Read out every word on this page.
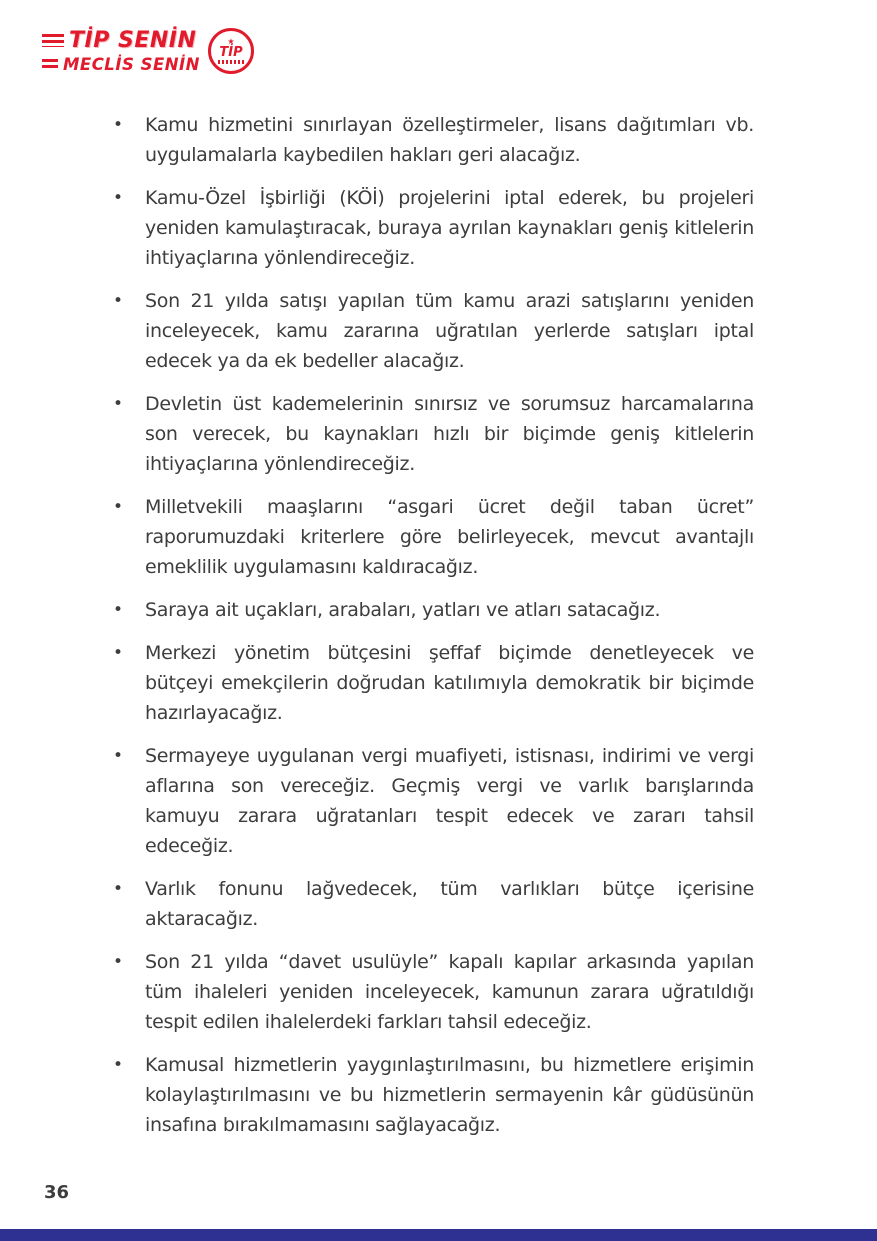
TİP SENİN
MECLİS SENİN
★
TİP
•	Kamu hizmetini sınırlayan özelleştirmeler, lisans dağıtımları vb. uygulamalarla kaybedilen hakları geri alacağız.
•	Kamu-Özel İşbirliği (KÖİ) projelerini iptal ederek, bu projeleri yeniden kamulaştıracak, buraya ayrılan kaynakları geniş kitlelerin ihtiyaçlarına yönlendireceğiz.
•	Son 21 yılda satışı yapılan tüm kamu arazi satışlarını yeniden inceleyecek, kamu zararına uğratılan yerlerde satışları iptal edecek ya da ek bedeller alacağız.
•	Devletin üst kademelerinin sınırsız ve sorumsuz harcamalarına son verecek, bu kaynakları hızlı bir biçimde geniş kitlelerin ihtiyaçlarına yönlendireceğiz.
•	Milletvekili maaşlarını “asgari ücret değil taban ücret” raporumuzdaki kriterlere göre belirleyecek, mevcut avantajlı emeklilik uygulamasını kaldıracağız.
•	Saraya ait uçakları, arabaları, yatları ve atları satacağız.
•	Merkezi yönetim bütçesini şeffaf biçimde denetleyecek ve bütçeyi emekçilerin doğrudan katılımıyla demokratik bir biçimde hazırlayacağız.
•	Sermayeye uygulanan vergi muafiyeti, istisnası, indirimi ve vergi aflarına son vereceğiz. Geçmiş vergi ve varlık barışlarında kamuyu zarara uğratanları tespit edecek ve zararı tahsil edeceğiz.
•	Varlık fonunu lağvedecek, tüm varlıkları bütçe içerisine aktaracağız.
•	Son 21 yılda “davet usulüyle” kapalı kapılar arkasında yapılan tüm ihaleleri yeniden inceleyecek, kamunun zarara uğratıldığı tespit edilen ihalelerdeki farkları tahsil edeceğiz.
•	Kamusal hizmetlerin yaygınlaştırılmasını, bu hizmetlere erişimin kolaylaştırılmasını ve bu hizmetlerin sermayenin kâr güdüsünün insafına bırakılmamasını sağlayacağız.
36
